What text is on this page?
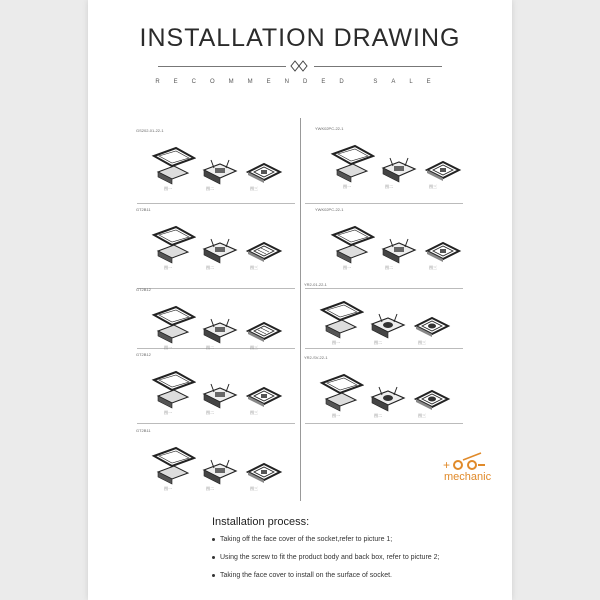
INSTALLATION DRAWING
RECOMMENDED SALE
GS202-01-22-1
图一	图二	图三
YWK02PC-22-1
图一	图二	图三
GT2B11
图一	图二	图三
YWK02PC-22-1
图一	图二	图三
GT2B12
图一	图二	图三
YR2-01-22-1
图一	图二	图三
GT2B12
图一	图二	图三
YR2-SV-22-1
图一	图二	图三
GT2B11
图一	图二	图三
+
mechanic
Installation process:
Taking off the face cover of the socket,refer to picture 1;
Using the screw to fit the product body and back box, refer to picture 2;
Taking the face cover to install on the surface of socket.
